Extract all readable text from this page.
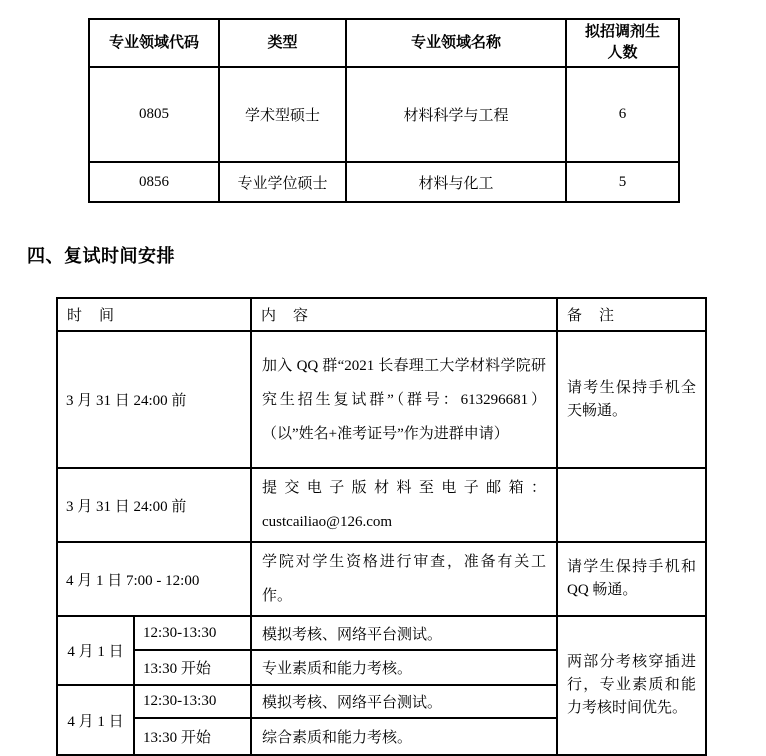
专业领域代码	类型	专业领域名称	拟招调剂生人数
0805	学术型硕士	材料科学与工程	6
0856	专业学位硕士	材料与化工	5
四、复试时间安排
时　间		内　容	备　注
3 月 31 日 24:00 前		加入 QQ 群“2021 长春理工大学材料学院研究生招生复试群”（群号：613296681）（以”姓名+准考证号”作为进群申请）	请考生保持手机全天畅通。
3 月 31 日 24:00 前		提交电子版材料至电子邮箱：custcailiao@126.com	
4 月 1 日 7:00 - 12:00		学院对学生资格进行审查，准备有关工作。	请学生保持手机和 QQ 畅通。
4 月 1 日	12:30-13:30	模拟考核、网络平台测试。	两部分考核穿插进行，专业素质和能力考核时间优先。
	13:30 开始	专业素质和能力考核。	
4 月 1 日	12:30-13:30	模拟考核、网络平台测试。	
	13:30 开始	综合素质和能力考核。	
